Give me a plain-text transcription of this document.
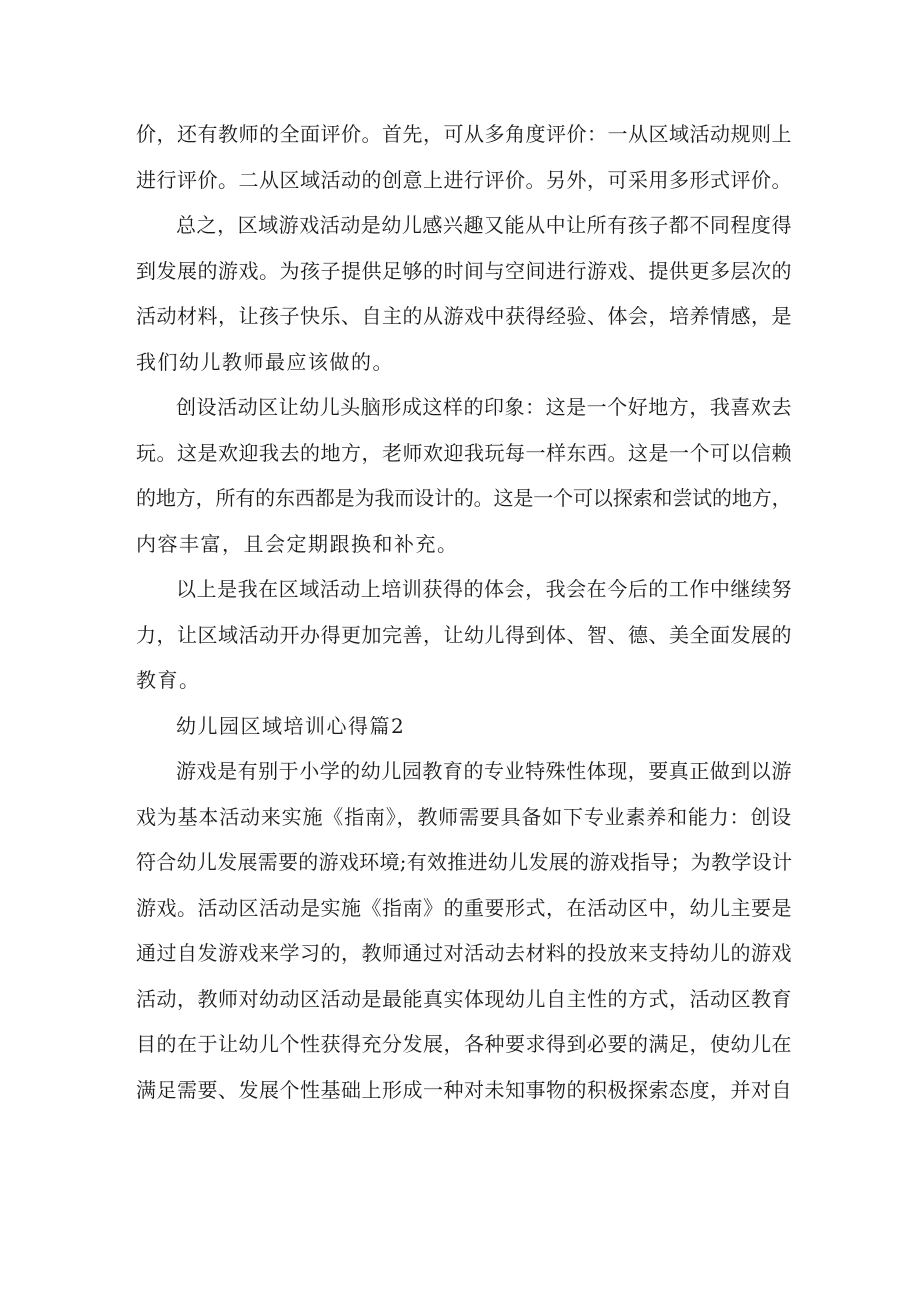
价，还有教师的全面评价。首先，可从多角度评价：一从区域活动规则上
进行评价。二从区域活动的创意上进行评价。另外，可采用多形式评价。
总之，区域游戏活动是幼儿感兴趣又能从中让所有孩子都不同程度得
到发展的游戏。为孩子提供足够的时间与空间进行游戏、提供更多层次的
活动材料，让孩子快乐、自主的从游戏中获得经验、体会，培养情感，是
我们幼儿教师最应该做的。
创设活动区让幼儿头脑形成这样的印象：这是一个好地方，我喜欢去
玩。这是欢迎我去的地方，老师欢迎我玩每一样东西。这是一个可以信赖
的地方，所有的东西都是为我而设计的。这是一个可以探索和尝试的地方，
内容丰富，且会定期跟换和补充。
以上是我在区域活动上培训获得的体会，我会在今后的工作中继续努
力，让区域活动开办得更加完善，让幼儿得到体、智、德、美全面发展的
教育。
幼儿园区域培训心得篇2
游戏是有别于小学的幼儿园教育的专业特殊性体现，要真正做到以游
戏为基本活动来实施《指南》，教师需要具备如下专业素养和能力：创设
符合幼儿发展需要的游戏环境;有效推进幼儿发展的游戏指导；为教学设计
游戏。活动区活动是实施《指南》的重要形式，在活动区中，幼儿主要是
通过自发游戏来学习的，教师通过对活动去材料的投放来支持幼儿的游戏
活动，教师对幼动区活动是最能真实体现幼儿自主性的方式，活动区教育
目的在于让幼儿个性获得充分发展，各种要求得到必要的满足，使幼儿在
满足需要、发展个性基础上形成一种对未知事物的积极探索态度，并对自
